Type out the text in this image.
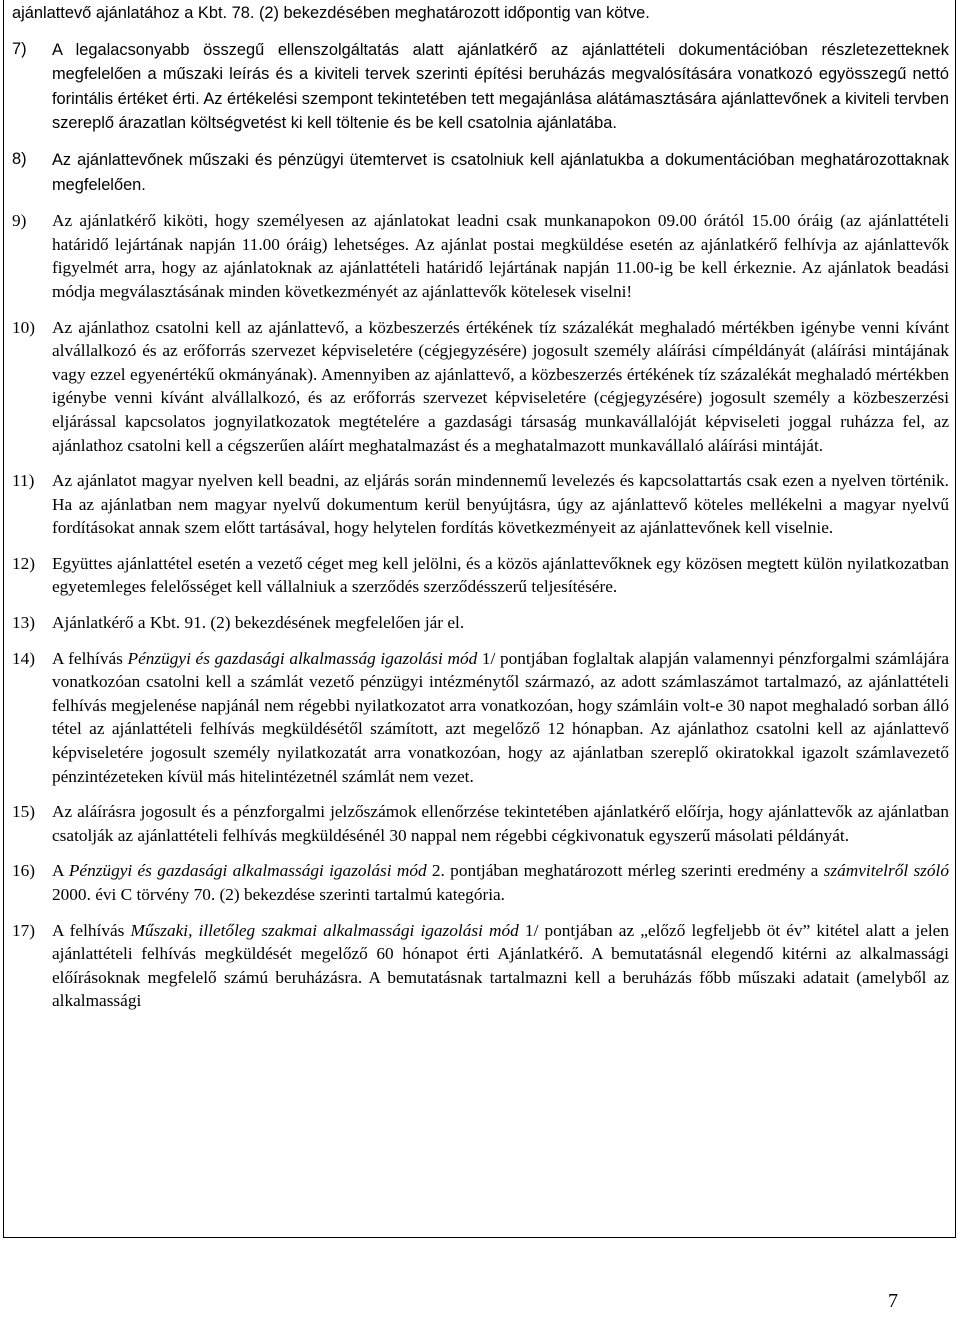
ajánlattevő ajánlatához a Kbt. 78. (2) bekezdésében meghatározott időpontig van kötve.
7)	A legalacsonyabb összegű ellenszolgáltatás alatt ajánlatkérő az ajánlattételi dokumentációban részletezetteknek megfelelően a műszaki leírás és a kiviteli tervek szerinti építési beruházás megvalósítására vonatkozó egyösszegű nettó forintális értéket érti. Az értékelési szempont tekintetében tett megajánlása alátámasztására ajánlattevőnek a kiviteli tervben szereplő árazatlan költségvetést ki kell töltenie és be kell csatolnia ajánlatába.
8)	Az ajánlattevőnek műszaki és pénzügyi ütemtervet is csatolniuk kell ajánlatukba a dokumentációban meghatározottaknak megfelelően.
9)	Az ajánlatkérő kiköti, hogy személyesen az ajánlatokat leadni csak munkanapokon 09.00 órától 15.00 óráig (az ajánlattételi határidő lejártának napján 11.00 óráig) lehetséges. Az ajánlat postai megküldése esetén az ajánlatkérő felhívja az ajánlattevők figyelmét arra, hogy az ajánlatoknak az ajánlattételi határidő lejártának napján 11.00-ig be kell érkeznie. Az ajánlatok beadási módja megválasztásának minden következményét az ajánlattevők kötelesek viselni!
10) Az ajánlathoz csatolni kell az ajánlattevő, a közbeszerzés értékének tíz százalékát meghaladó mértékben igénybe venni kívánt alvállalkozó és az erőforrás szervezet képviseletére (cégjegyzésére) jogosult személy aláírási címpéldányát (aláírási mintájának vagy ezzel egyenértékű okmányának). Amennyiben az ajánlattevő, a közbeszerzés értékének tíz százalékát meghaladó mértékben igénybe venni kívánt alvállalkozó, és az erőforrás szervezet képviseletére (cégjegyzésére) jogosult személy a közbeszerzési eljárással kapcsolatos jognyilatkozatok megtételére a gazdasági társaság munkavállalóját képviseleti joggal ruházza fel, az ajánlathoz csatolni kell a cégszerűen aláírt meghatalmazást és a meghatalmazott munkavállaló aláírási mintáját.
11)	Az ajánlatot magyar nyelven kell beadni, az eljárás során mindennemű levelezés és kapcsolattartás csak ezen a nyelven történik. Ha az ajánlatban nem magyar nyelvű dokumentum kerül benyújtásra, úgy az ajánlattevő köteles mellékelni a magyar nyelvű fordításokat annak szem előtt tartásával, hogy helytelen fordítás következményeit az ajánlattevőnek kell viselnie.
12) Együttes ajánlattétel esetén a vezető céget meg kell jelölni, és a közös ajánlattevőknek egy közösen megtett külön nyilatkozatban egyetemleges felelősséget kell vállalniuk a szerződés szerződésszerű teljesítésére.
13) Ajánlatkérő a Kbt. 91. (2) bekezdésének megfelelően jár el.
14) A felhívás Pénzügyi és gazdasági alkalmasság igazolási mód 1/ pontjában foglaltak alapján valamennyi pénzforgalmi számlájára vonatkozóan csatolni kell a számlát vezető pénzügyi intézménytől származó, az adott számlaszámot tartalmazó, az ajánlattételi felhívás megjelenése napjánál nem régebbi nyilatkozatot arra vonatkozóan, hogy számláin volt-e 30 napot meghaladó sorban álló tétel az ajánlattételi felhívás megküldésétől számított, azt megelőző 12 hónapban. Az ajánlathoz csatolni kell az ajánlattevő képviseletére jogosult személy nyilatkozatát arra vonatkozóan, hogy az ajánlatban szereplő okiratokkal igazolt számlavezető pénzintézeteken kívül más hitelintézetnél számlát nem vezet.
15) Az aláírásra jogosult és a pénzforgalmi jelzőszámok ellenőrzése tekintetében ajánlatkérő előírja, hogy ajánlattevők az ajánlatban csatolják az ajánlattételi felhívás megküldésénél 30 nappal nem régebbi cégkivonatuk egyszerű másolati példányát.
16) A Pénzügyi és gazdasági alkalmassági igazolási mód 2. pontjában meghatározott mérleg szerinti eredmény a számvitelről szóló 2000. évi C törvény 70. (2) bekezdése szerinti tartalmú kategória.
17) A felhívás Műszaki, illetőleg szakmai alkalmassági igazolási mód 1/ pontjában az „előző legfeljebb öt év” kitétel alatt a jelen ajánlattételi felhívás megküldését megelőző 60 hónapot érti Ajánlatkérő. A bemutatásnál elegendő kitérni az alkalmassági előírásoknak megfelelő számú beruházásra. A bemutatásnak tartalmazni kell a beruházás főbb műszaki adatait (amelyből az alkalmassági
7
